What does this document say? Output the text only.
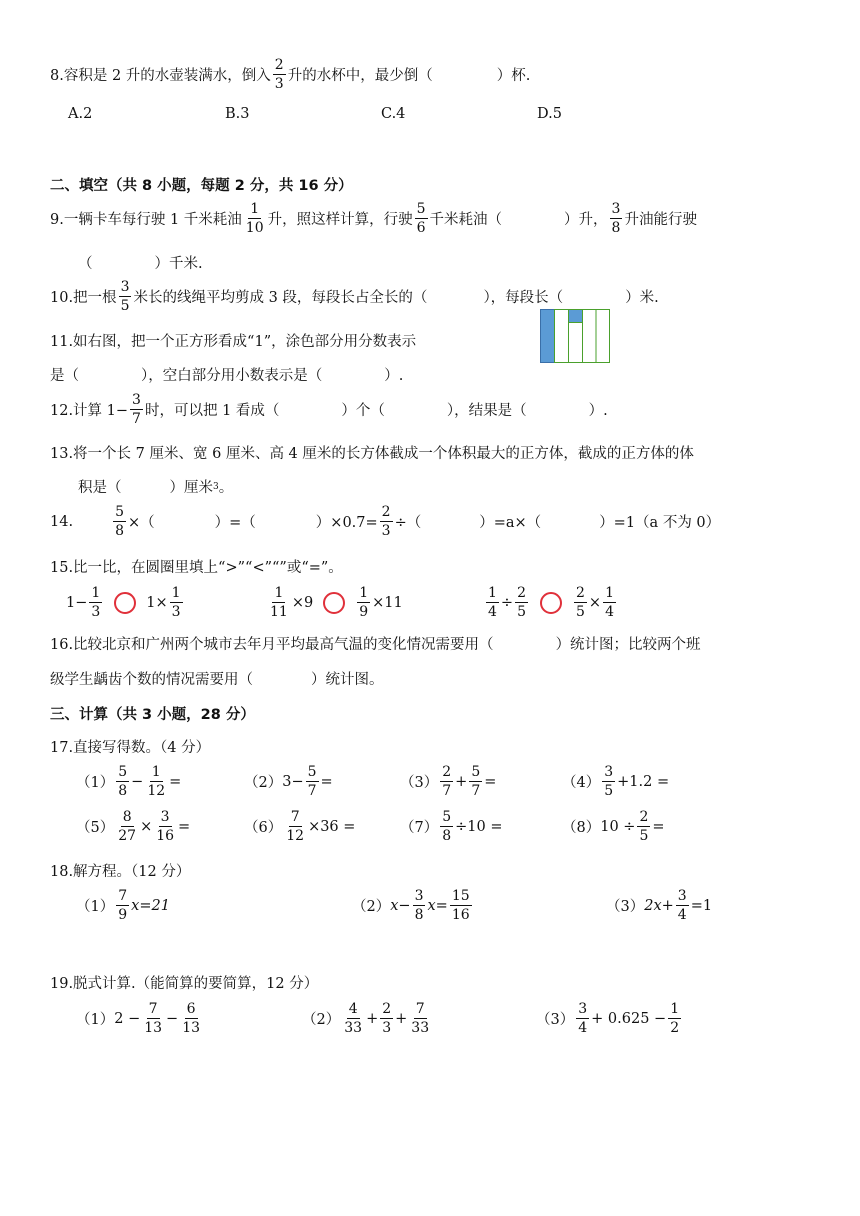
8.容积是 2 升的水壶装满水，倒入 $\frac{2}{3}$ 升的水杯中，最少倒（	）杯.
A.2	B.3	C.4	D.5
二、填空（共 8 小题，每题 2 分，共 16 分）
9.一辆卡车每行驶 1 千米耗油 $\frac{1}{10}$ 升，照这样计算，行驶 $\frac{5}{6}$ 千米耗油（	）升， $\frac{3}{8}$ 升油能行驶
（	）千米.
10.把一根 $\frac{3}{5}$ 米长的线绳平均剪成 3 段，每段长占全长的（	），每段长（	）米.
11.如右图，把一个正方形看成“1”，涂色部分用分数表示
是（	），空白部分用小数表示是（	）.
12.计算 $1- \frac{3}{7}$ 时，可以把 1 看成（	）个（	），结果是（	）.
13.将一个长 7 厘米、宽 6 厘米、高 4 厘米的长方体截成一个体积最大的正方体，截成的正方体的体
积是（	）厘米 3 。
14.	$\frac{5}{8}$ ×（	）=（	）$\times 0.7= \frac{2}{3}$ ÷（	）=a×（	）=1（a 不为 0）
15.比一比，在圆圈里填上“>”“<”“”或“=”。
$1- \frac{1}{3}$	$1\times \frac{1}{3}$	$\frac{1}{11} \times 9$	$\frac{1}{9} \times 11$	$\frac{1}{4} \div \frac{2}{5}$	$\frac{2}{5} \times \frac{1}{4}$
16.比较北京和广州两个城市去年月平均最高气温的变化情况需要用（	）统计图；比较两个班
级学生龋齿个数的情况需要用（	）统计图。
三、计算（共 3 小题，28 分）
17.直接写得数。（4 分）
$(1) \frac{5}{8} - \frac{1}{12}$ =	（2） $3- \frac{5}{7}$ =	$(3) \frac{2}{7} + \frac{5}{7}$ =	$(4) \frac{3}{5} +1.2$ =
$(5) \frac{8}{27} \times \frac{3}{16}$ =	$(6) \frac{7}{12} \times 36$ =	$(7) \frac{5}{8} \div 10$ =	（8） $10 \div \frac{2}{5}$ =
18.解方程。（12 分）
$(1) \frac{7}{9} x=21$	（2） $x- \frac{3}{8} x= \frac{15}{16}$	（3） $2x+ \frac{3}{4} =1$
19.脱式计算.（能简算的要简算，12 分）
（1） $2 - \frac{7}{13} - \frac{6}{13}$	$(2) \frac{4}{33} + \frac{2}{3} + \frac{7}{33}$	$(3) \frac{3}{4} + 0.625 - \frac{1}{2}$
